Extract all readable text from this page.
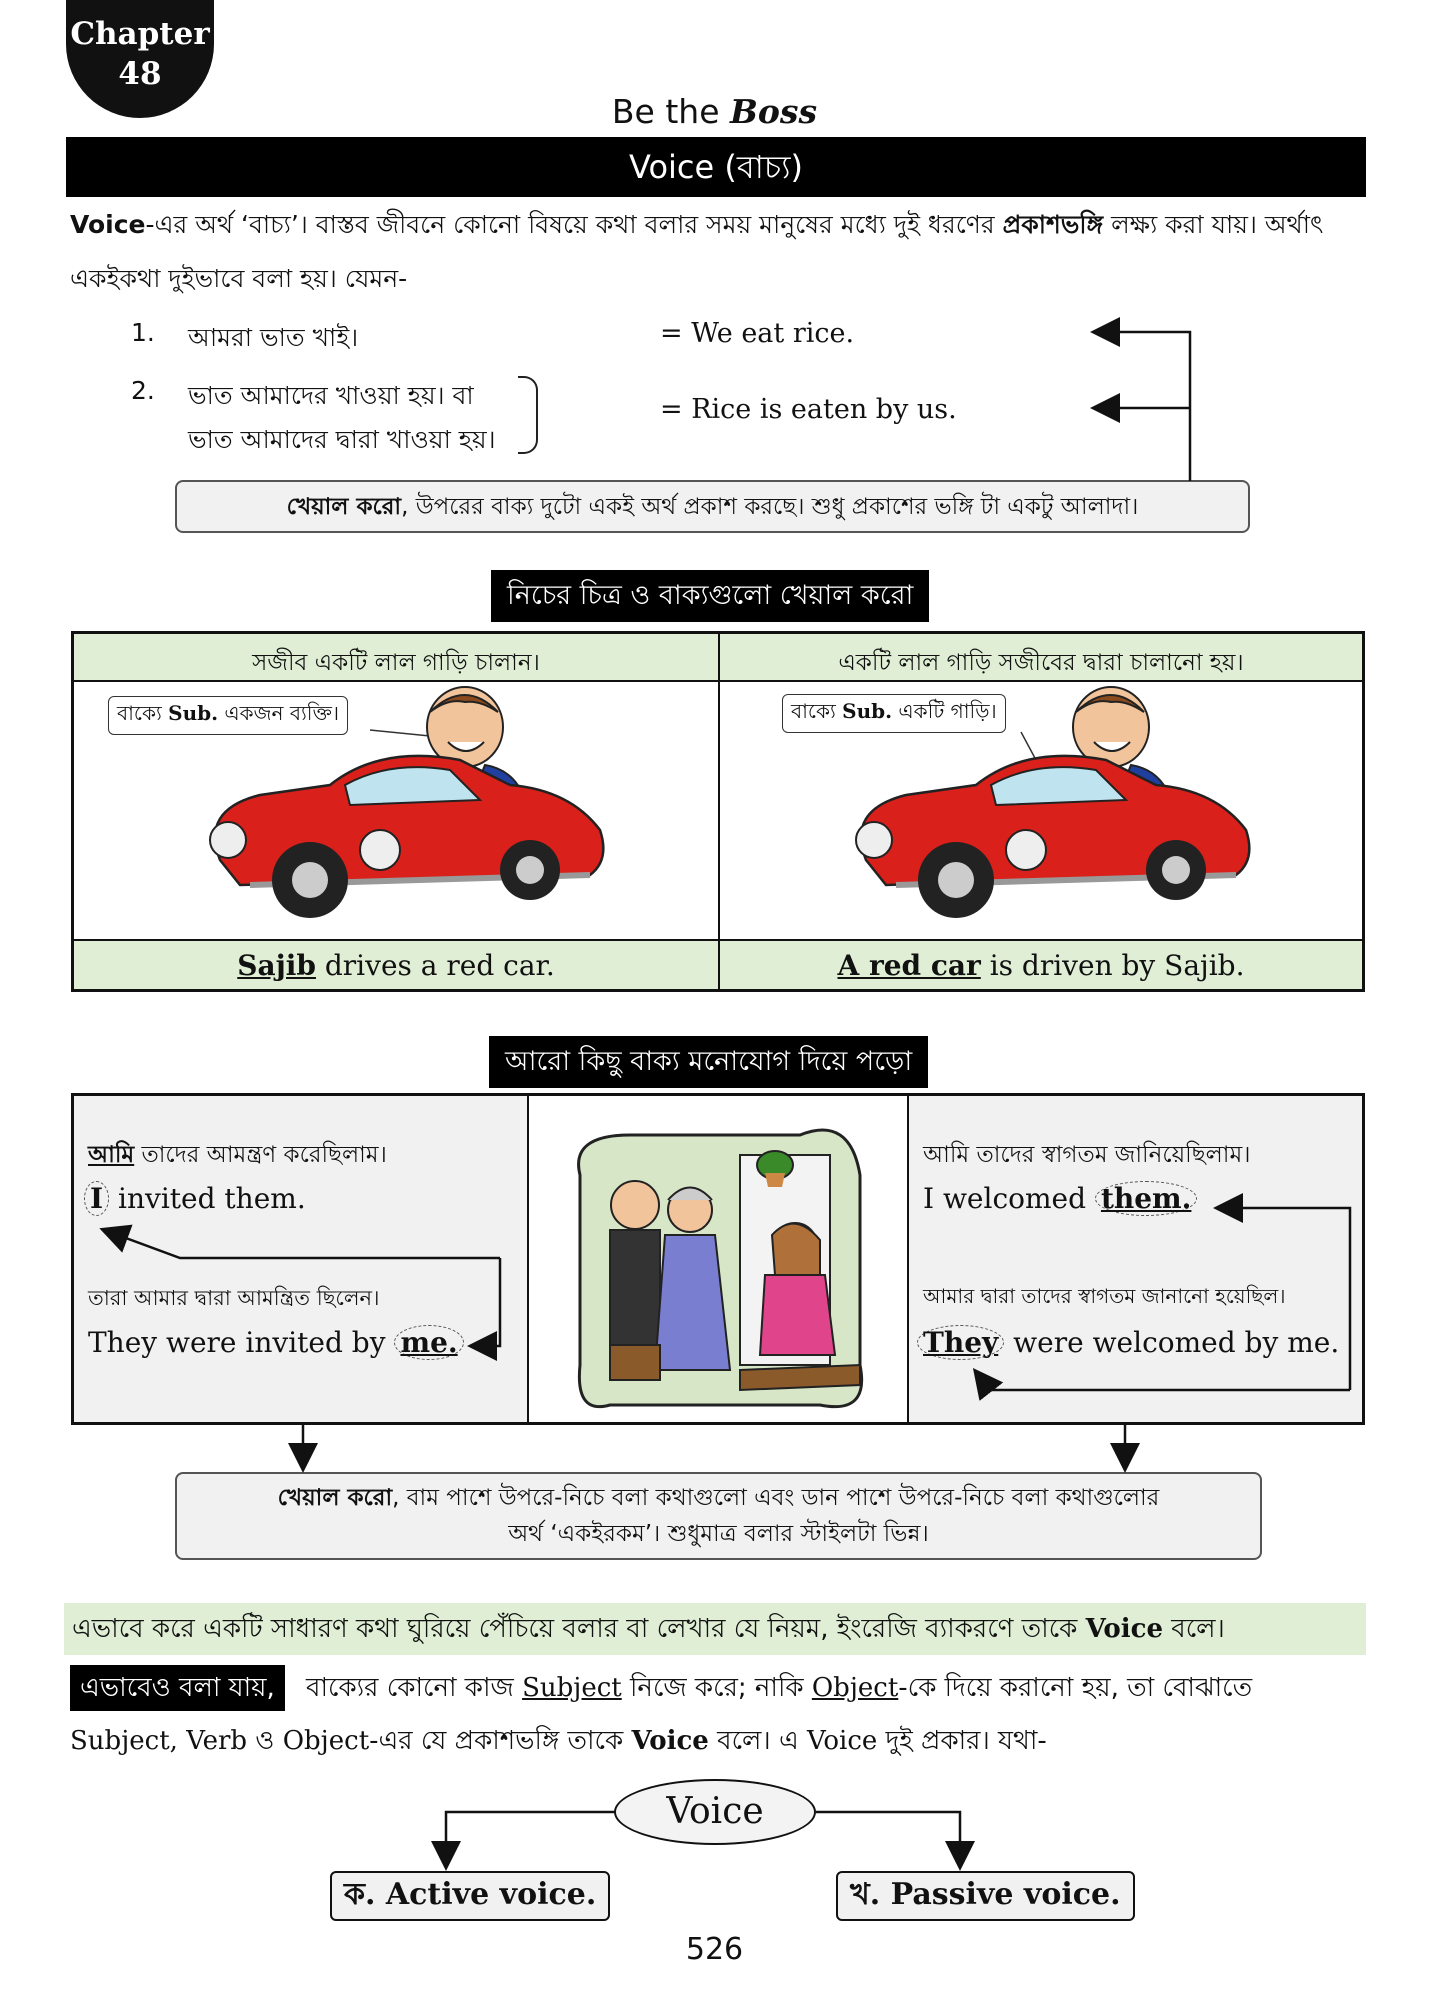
Chapter
48
Be the Boss
Voice (বাচ্য)
Voice-এর অর্থ ‘বাচ্য’। বাস্তব জীবনে কোনো বিষয়ে কথা বলার সময় মানুষের মধ্যে দুই ধরণের প্রকাশভঙ্গি লক্ষ্য করা যায়। অর্থাৎ একইকথা দুইভাবে বলা হয়। যেমন-
1. আমরা ভাত খাই।	= We eat rice.
2. ভাত আমাদের খাওয়া হয়। বা
ভাত আমাদের দ্বারা খাওয়া হয়।
= Rice is eaten by us.
খেয়াল করো, উপরের বাক্য দুটো একই অর্থ প্রকাশ করছে। শুধু প্রকাশের ভঙ্গি টা একটু আলাদা।
নিচের চিত্র ও বাক্যগুলো খেয়াল করো
সজীব একটি লাল গাড়ি চালান।	একটি লাল গাড়ি সজীবের দ্বারা চালানো হয়।
বাক্যে Sub. একজন ব্যক্তি।	বাক্যে Sub. একটি গাড়ি।
Sajib drives a red car.	A red car is driven by Sajib.
আরো কিছু বাক্য মনোযোগ দিয়ে পড়ো
আমি তাদের আমন্ত্রণ করেছিলাম।
I invited them.
তারা আমার দ্বারা আমন্ত্রিত ছিলেন।
They were invited by me.
আমি তাদের স্বাগতম জানিয়েছিলাম।
I welcomed them.
আমার দ্বারা তাদের স্বাগতম জানানো হয়েছিল।
They were welcomed by me.
খেয়াল করো, বাম পাশে উপরে-নিচে বলা কথাগুলো এবং ডান পাশে উপরে-নিচে বলা কথাগুলোর
অর্থ ‘একইরকম’। শুধুমাত্র বলার স্টাইলটা ভিন্ন।
এভাবে করে একটি সাধারণ কথা ঘুরিয়ে পেঁচিয়ে বলার বা লেখার যে নিয়ম, ইংরেজি ব্যাকরণে তাকে Voice বলে।
এভাবেও বলা যায়,	বাক্যের কোনো কাজ Subject নিজে করে; নাকি Object-কে দিয়ে করানো হয়, তা বোঝাতে
Subject, Verb ও Object-এর যে প্রকাশভঙ্গি তাকে Voice বলে। এ Voice দুই প্রকার। যথা-
Voice
ক. Active voice.	খ. Passive voice.
526
